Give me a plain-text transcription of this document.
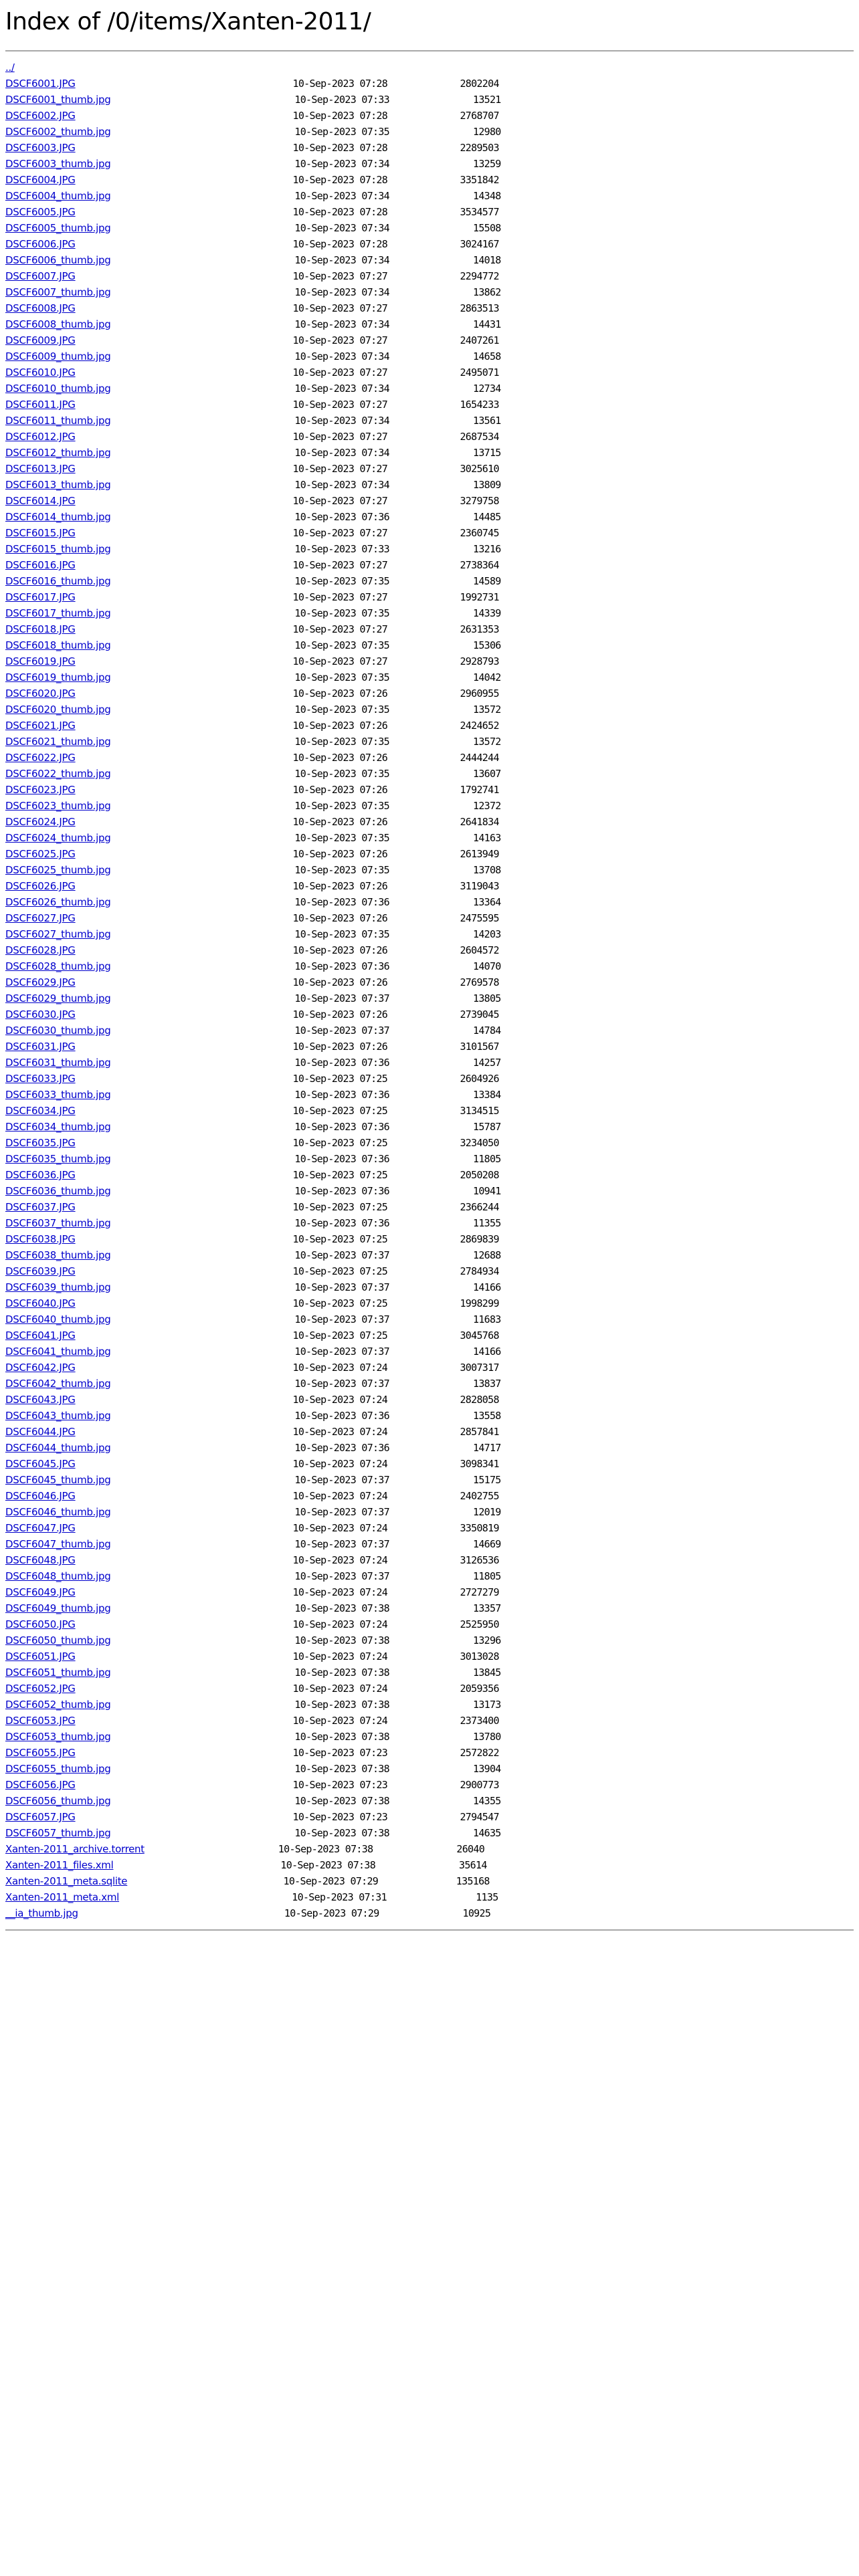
Index of /0/items/Xanten-2011/
../
DSCF6001.JPG	10-Sep-2023 07:28	2802204
DSCF6001_thumb.jpg	10-Sep-2023 07:33	13521
DSCF6002.JPG	10-Sep-2023 07:28	2768707
DSCF6002_thumb.jpg	10-Sep-2023 07:35	12980
DSCF6003.JPG	10-Sep-2023 07:28	2289503
DSCF6003_thumb.jpg	10-Sep-2023 07:34	13259
DSCF6004.JPG	10-Sep-2023 07:28	3351842
DSCF6004_thumb.jpg	10-Sep-2023 07:34	14348
DSCF6005.JPG	10-Sep-2023 07:28	3534577
DSCF6005_thumb.jpg	10-Sep-2023 07:34	15508
DSCF6006.JPG	10-Sep-2023 07:28	3024167
DSCF6006_thumb.jpg	10-Sep-2023 07:34	14018
DSCF6007.JPG	10-Sep-2023 07:27	2294772
DSCF6007_thumb.jpg	10-Sep-2023 07:34	13862
DSCF6008.JPG	10-Sep-2023 07:27	2863513
DSCF6008_thumb.jpg	10-Sep-2023 07:34	14431
DSCF6009.JPG	10-Sep-2023 07:27	2407261
DSCF6009_thumb.jpg	10-Sep-2023 07:34	14658
DSCF6010.JPG	10-Sep-2023 07:27	2495071
DSCF6010_thumb.jpg	10-Sep-2023 07:34	12734
DSCF6011.JPG	10-Sep-2023 07:27	1654233
DSCF6011_thumb.jpg	10-Sep-2023 07:34	13561
DSCF6012.JPG	10-Sep-2023 07:27	2687534
DSCF6012_thumb.jpg	10-Sep-2023 07:34	13715
DSCF6013.JPG	10-Sep-2023 07:27	3025610
DSCF6013_thumb.jpg	10-Sep-2023 07:34	13809
DSCF6014.JPG	10-Sep-2023 07:27	3279758
DSCF6014_thumb.jpg	10-Sep-2023 07:36	14485
DSCF6015.JPG	10-Sep-2023 07:27	2360745
DSCF6015_thumb.jpg	10-Sep-2023 07:33	13216
DSCF6016.JPG	10-Sep-2023 07:27	2738364
DSCF6016_thumb.jpg	10-Sep-2023 07:35	14589
DSCF6017.JPG	10-Sep-2023 07:27	1992731
DSCF6017_thumb.jpg	10-Sep-2023 07:35	14339
DSCF6018.JPG	10-Sep-2023 07:27	2631353
DSCF6018_thumb.jpg	10-Sep-2023 07:35	15306
DSCF6019.JPG	10-Sep-2023 07:27	2928793
DSCF6019_thumb.jpg	10-Sep-2023 07:35	14042
DSCF6020.JPG	10-Sep-2023 07:26	2960955
DSCF6020_thumb.jpg	10-Sep-2023 07:35	13572
DSCF6021.JPG	10-Sep-2023 07:26	2424652
DSCF6021_thumb.jpg	10-Sep-2023 07:35	13572
DSCF6022.JPG	10-Sep-2023 07:26	2444244
DSCF6022_thumb.jpg	10-Sep-2023 07:35	13607
DSCF6023.JPG	10-Sep-2023 07:26	1792741
DSCF6023_thumb.jpg	10-Sep-2023 07:35	12372
DSCF6024.JPG	10-Sep-2023 07:26	2641834
DSCF6024_thumb.jpg	10-Sep-2023 07:35	14163
DSCF6025.JPG	10-Sep-2023 07:26	2613949
DSCF6025_thumb.jpg	10-Sep-2023 07:35	13708
DSCF6026.JPG	10-Sep-2023 07:26	3119043
DSCF6026_thumb.jpg	10-Sep-2023 07:36	13364
DSCF6027.JPG	10-Sep-2023 07:26	2475595
DSCF6027_thumb.jpg	10-Sep-2023 07:35	14203
DSCF6028.JPG	10-Sep-2023 07:26	2604572
DSCF6028_thumb.jpg	10-Sep-2023 07:36	14070
DSCF6029.JPG	10-Sep-2023 07:26	2769578
DSCF6029_thumb.jpg	10-Sep-2023 07:37	13805
DSCF6030.JPG	10-Sep-2023 07:26	2739045
DSCF6030_thumb.jpg	10-Sep-2023 07:37	14784
DSCF6031.JPG	10-Sep-2023 07:26	3101567
DSCF6031_thumb.jpg	10-Sep-2023 07:36	14257
DSCF6033.JPG	10-Sep-2023 07:25	2604926
DSCF6033_thumb.jpg	10-Sep-2023 07:36	13384
DSCF6034.JPG	10-Sep-2023 07:25	3134515
DSCF6034_thumb.jpg	10-Sep-2023 07:36	15787
DSCF6035.JPG	10-Sep-2023 07:25	3234050
DSCF6035_thumb.jpg	10-Sep-2023 07:36	11805
DSCF6036.JPG	10-Sep-2023 07:25	2050208
DSCF6036_thumb.jpg	10-Sep-2023 07:36	10941
DSCF6037.JPG	10-Sep-2023 07:25	2366244
DSCF6037_thumb.jpg	10-Sep-2023 07:36	11355
DSCF6038.JPG	10-Sep-2023 07:25	2869839
DSCF6038_thumb.jpg	10-Sep-2023 07:37	12688
DSCF6039.JPG	10-Sep-2023 07:25	2784934
DSCF6039_thumb.jpg	10-Sep-2023 07:37	14166
DSCF6040.JPG	10-Sep-2023 07:25	1998299
DSCF6040_thumb.jpg	10-Sep-2023 07:37	11683
DSCF6041.JPG	10-Sep-2023 07:25	3045768
DSCF6041_thumb.jpg	10-Sep-2023 07:37	14166
DSCF6042.JPG	10-Sep-2023 07:24	3007317
DSCF6042_thumb.jpg	10-Sep-2023 07:37	13837
DSCF6043.JPG	10-Sep-2023 07:24	2828058
DSCF6043_thumb.jpg	10-Sep-2023 07:36	13558
DSCF6044.JPG	10-Sep-2023 07:24	2857841
DSCF6044_thumb.jpg	10-Sep-2023 07:36	14717
DSCF6045.JPG	10-Sep-2023 07:24	3098341
DSCF6045_thumb.jpg	10-Sep-2023 07:37	15175
DSCF6046.JPG	10-Sep-2023 07:24	2402755
DSCF6046_thumb.jpg	10-Sep-2023 07:37	12019
DSCF6047.JPG	10-Sep-2023 07:24	3350819
DSCF6047_thumb.jpg	10-Sep-2023 07:37	14669
DSCF6048.JPG	10-Sep-2023 07:24	3126536
DSCF6048_thumb.jpg	10-Sep-2023 07:37	11805
DSCF6049.JPG	10-Sep-2023 07:24	2727279
DSCF6049_thumb.jpg	10-Sep-2023 07:38	13357
DSCF6050.JPG	10-Sep-2023 07:24	2525950
DSCF6050_thumb.jpg	10-Sep-2023 07:38	13296
DSCF6051.JPG	10-Sep-2023 07:24	3013028
DSCF6051_thumb.jpg	10-Sep-2023 07:38	13845
DSCF6052.JPG	10-Sep-2023 07:24	2059356
DSCF6052_thumb.jpg	10-Sep-2023 07:38	13173
DSCF6053.JPG	10-Sep-2023 07:24	2373400
DSCF6053_thumb.jpg	10-Sep-2023 07:38	13780
DSCF6055.JPG	10-Sep-2023 07:23	2572822
DSCF6055_thumb.jpg	10-Sep-2023 07:38	13904
DSCF6056.JPG	10-Sep-2023 07:23	2900773
DSCF6056_thumb.jpg	10-Sep-2023 07:38	14355
DSCF6057.JPG	10-Sep-2023 07:23	2794547
DSCF6057_thumb.jpg	10-Sep-2023 07:38	14635
Xanten-2011_archive.torrent	10-Sep-2023 07:38	26040
Xanten-2011_files.xml	10-Sep-2023 07:38	35614
Xanten-2011_meta.sqlite	10-Sep-2023 07:29	135168
Xanten-2011_meta.xml	10-Sep-2023 07:31	1135
__ia_thumb.jpg	10-Sep-2023 07:29	10925
